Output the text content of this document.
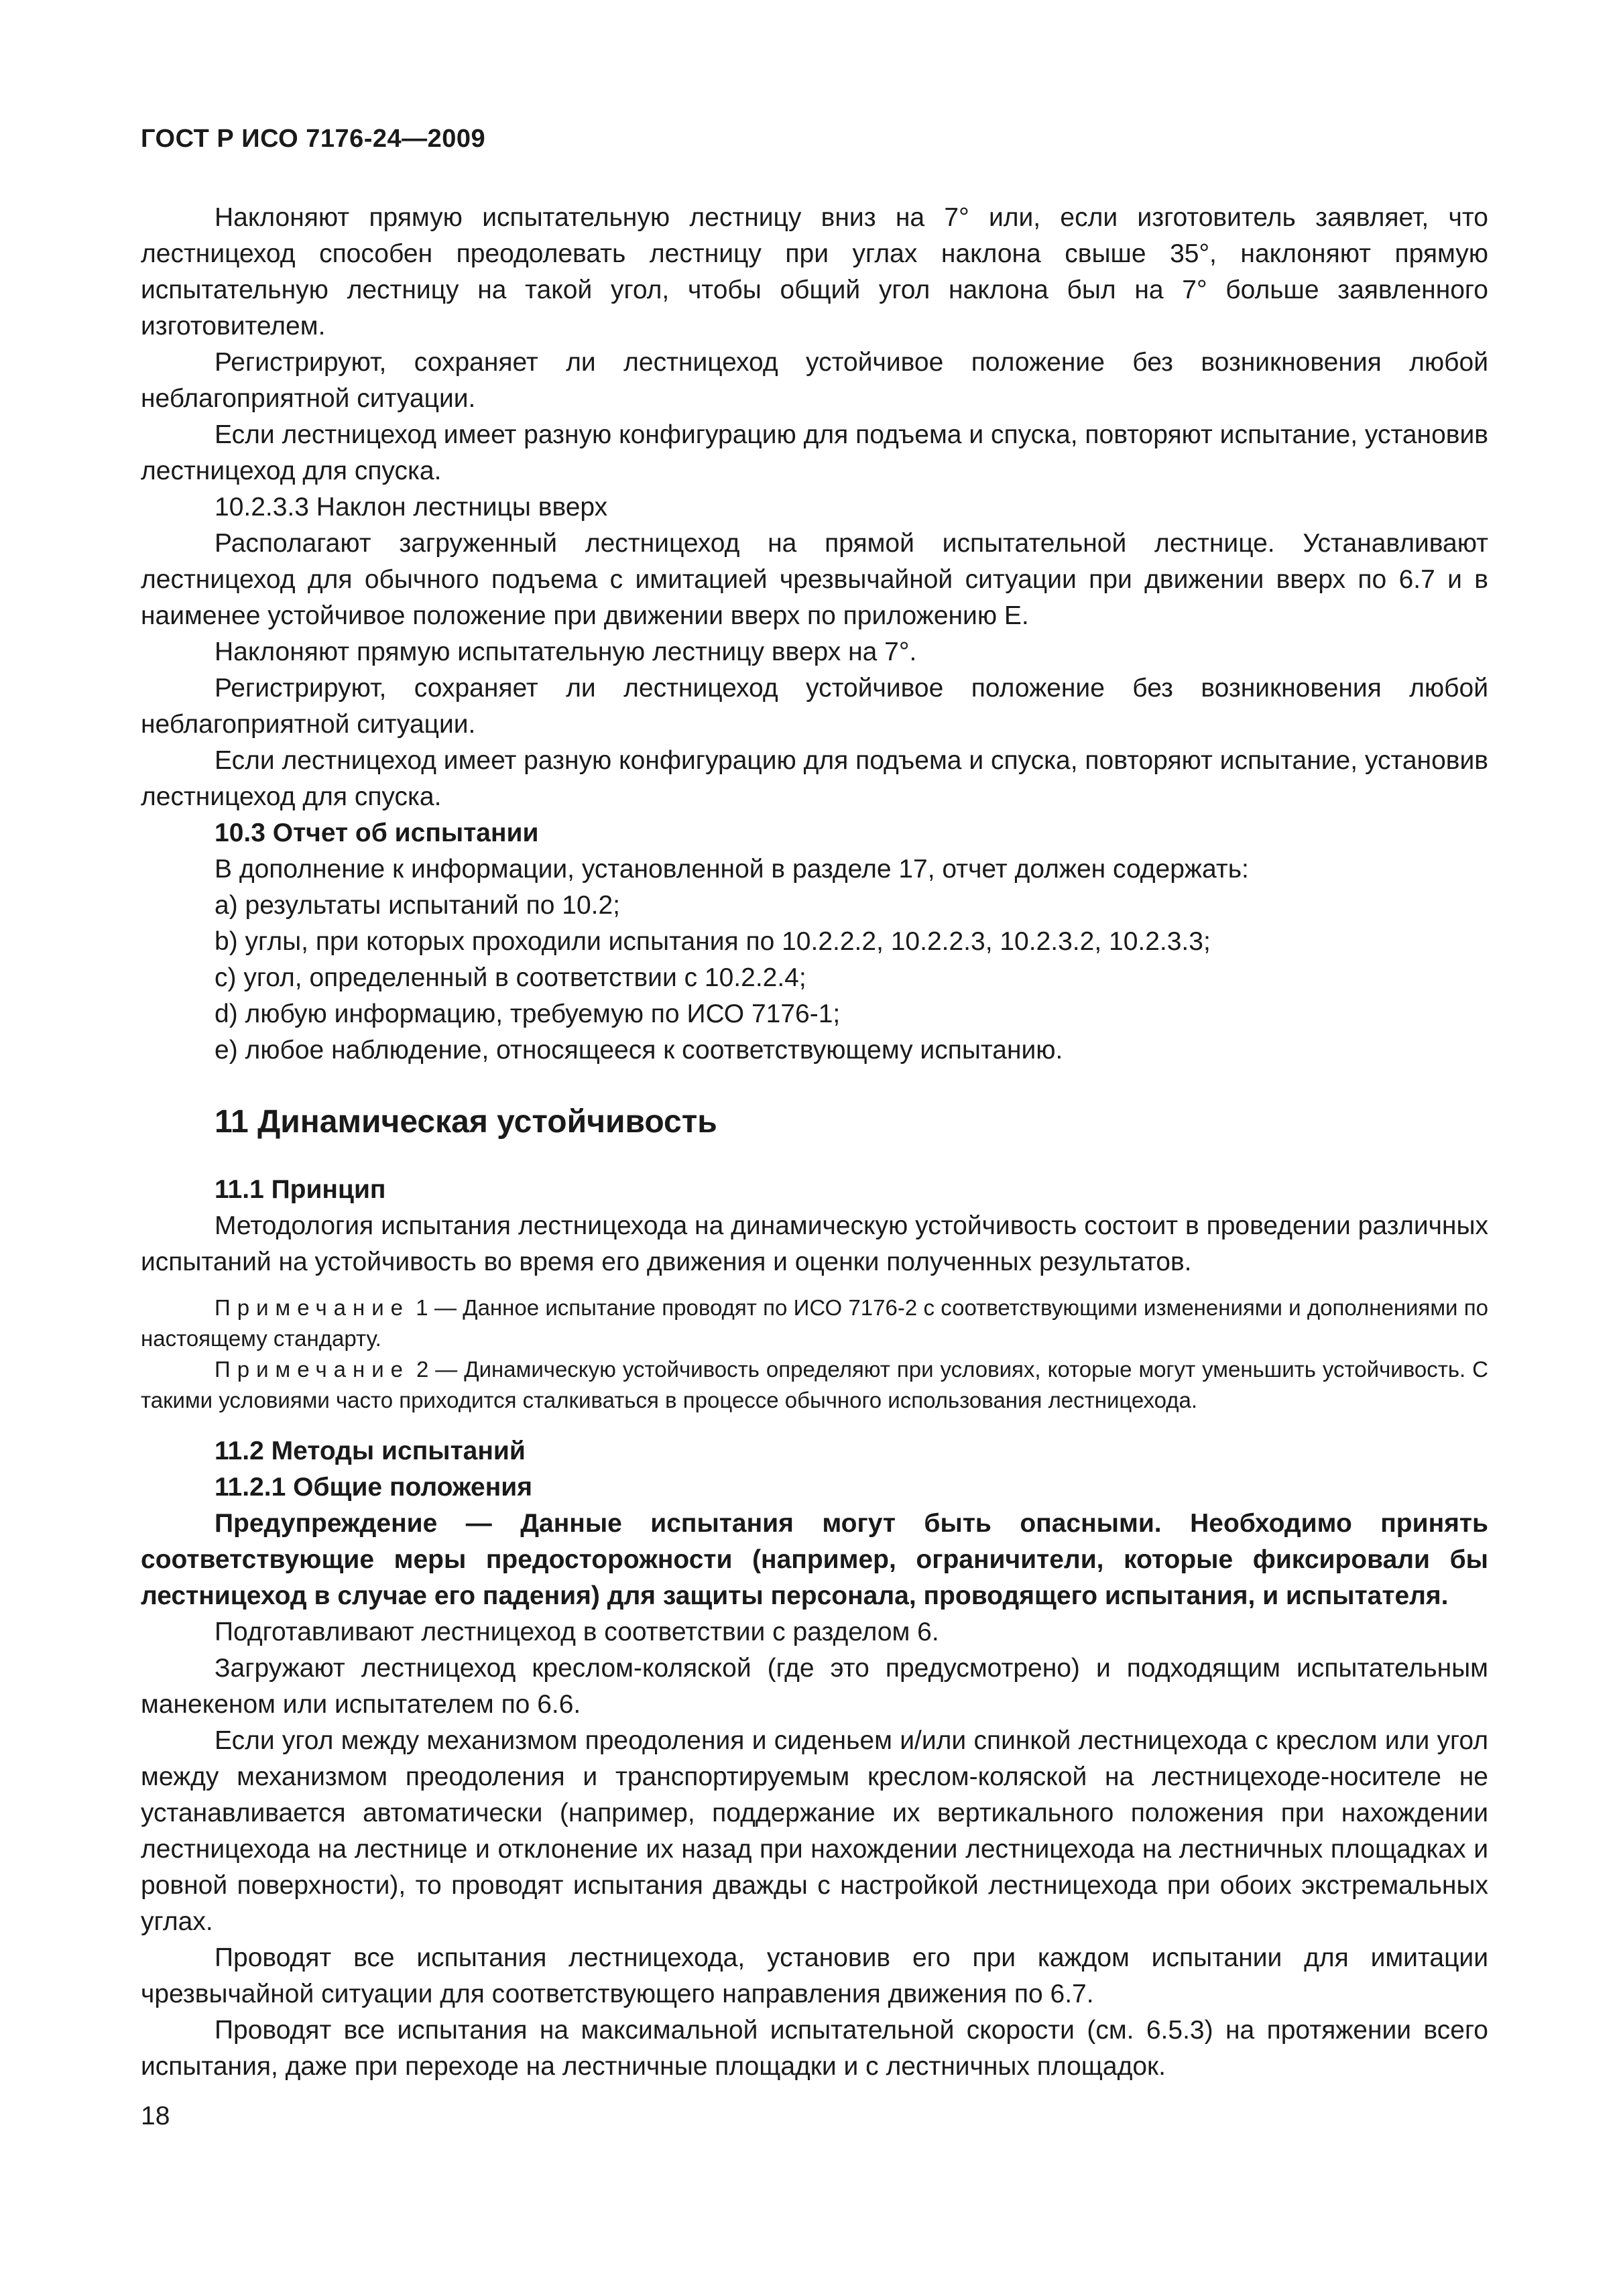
ГОСТ Р ИСО 7176-24—2009

Наклоняют прямую испытательную лестницу вниз на 7° или, если изготовитель заявляет, что лестницеход способен преодолевать лестницу при углах наклона свыше 35°, наклоняют прямую испытательную лестницу на такой угол, чтобы общий угол наклона был на 7° больше заявленного изготовителем.

Регистрируют, сохраняет ли лестницеход устойчивое положение без возникновения любой неблагоприятной ситуации.

Если лестницеход имеет разную конфигурацию для подъема и спуска, повторяют испытание, установив лестницеход для спуска.

10.2.3.3 Наклон лестницы вверх

Располагают загруженный лестницеход на прямой испытательной лестнице. Устанавливают лестницеход для обычного подъема с имитацией чрезвычайной ситуации при движении вверх по 6.7 и в наименее устойчивое положение при движении вверх по приложению Е.

Наклоняют прямую испытательную лестницу вверх на 7°.

Регистрируют, сохраняет ли лестницеход устойчивое положение без возникновения любой неблагоприятной ситуации.

Если лестницеход имеет разную конфигурацию для подъема и спуска, повторяют испытание, установив лестницеход для спуска.

10.3 Отчет об испытании

В дополнение к информации, установленной в разделе 17, отчет должен содержать:

а) результаты испытаний по 10.2;
b) углы, при которых проходили испытания по 10.2.2.2, 10.2.2.3, 10.2.3.2, 10.2.3.3;
с) угол, определенный в соответствии с 10.2.2.4;
d) любую информацию, требуемую по ИСО 7176-1;
е) любое наблюдение, относящееся к соответствующему испытанию.
11 Динамическая устойчивость
11.1 Принцип

Методология испытания лестницехода на динамическую устойчивость состоит в проведении различных испытаний на устойчивость во время его движения и оценки полученных результатов.

Примечание 1 — Данное испытание проводят по ИСО 7176-2 с соответствующими изменениями и дополнениями по настоящему стандарту.

Примечание 2 — Динамическую устойчивость определяют при условиях, которые могут уменьшить устойчивость. С такими условиями часто приходится сталкиваться в процессе обычного использования лестницехода.

11.2 Методы испытаний
11.2.1 Общие положения

Предупреждение — Данные испытания могут быть опасными. Необходимо принять соответствующие меры предосторожности (например, ограничители, которые фиксировали бы лестницеход в случае его падения) для защиты персонала, проводящего испытания, и испытателя.

Подготавливают лестницеход в соответствии с разделом 6.

Загружают лестницеход креслом-коляской (где это предусмотрено) и подходящим испытательным манекеном или испытателем по 6.6.

Если угол между механизмом преодоления и сиденьем и/или спинкой лестницехода с креслом или угол между механизмом преодоления и транспортируемым креслом-коляской на лестницеходе-носителе не устанавливается автоматически (например, поддержание их вертикального положения при нахождении лестницехода на лестнице и отклонение их назад при нахождении лестницехода на лестничных площадках и ровной поверхности), то проводят испытания дважды с настройкой лестницехода при обоих экстремальных углах.

Проводят все испытания лестницехода, установив его при каждом испытании для имитации чрезвычайной ситуации для соответствующего направления движения по 6.7.

Проводят все испытания на максимальной испытательной скорости (см. 6.5.3) на протяжении всего испытания, даже при переходе на лестничные площадки и с лестничных площадок.

18
